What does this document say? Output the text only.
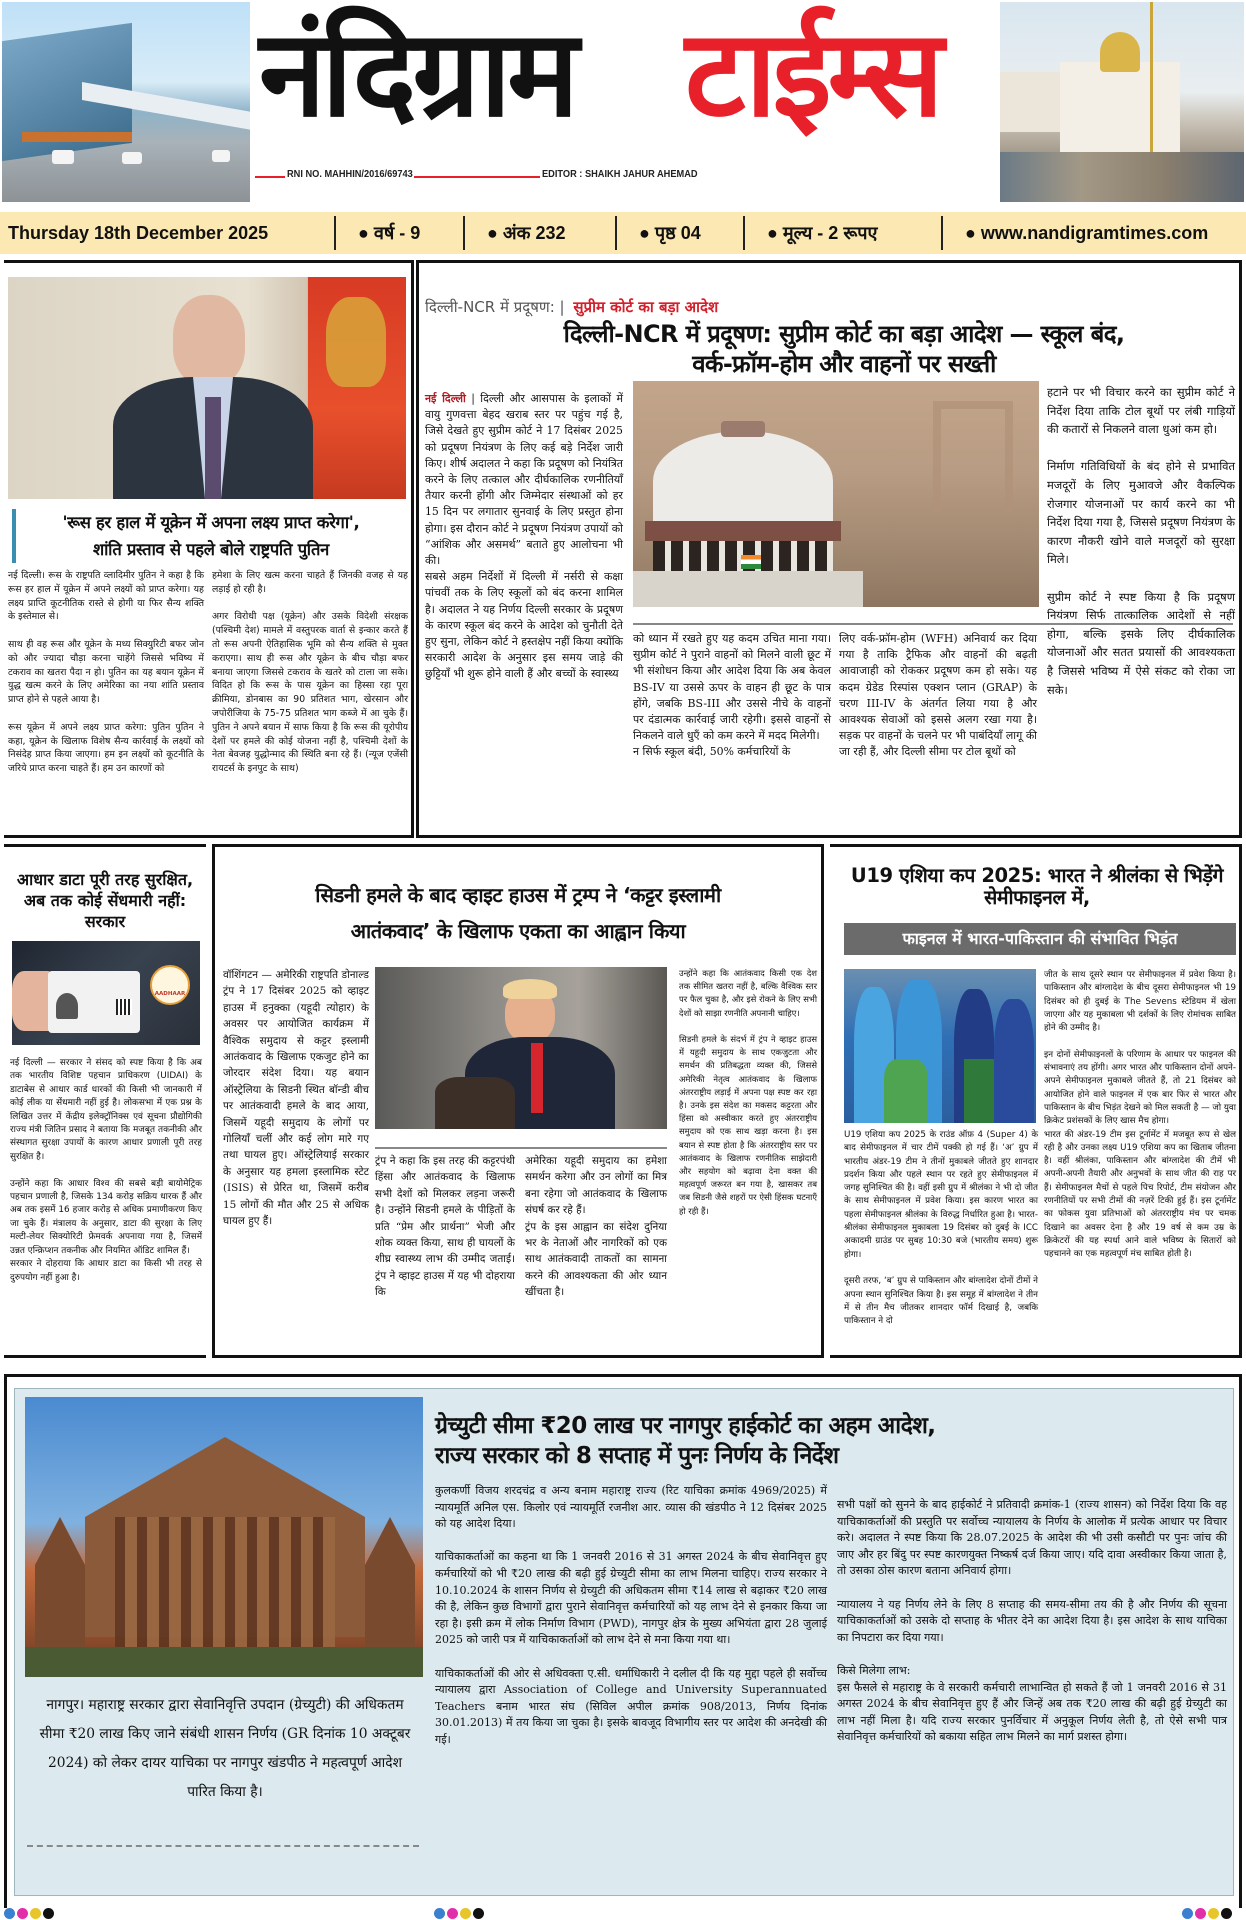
नंदिग्राम टाईम्स
RNI NO. MAHHIN/2016/69743	EDITOR : SHAIKH JAHUR AHEMAD
Thursday 18th December 2025	● वर्ष - 9	● अंक 232	● पृष्ठ 04	● मूल्य - 2 रूपए	● www.nandigramtimes.com
'रूस हर हाल में यूक्रेन में अपना लक्ष्य प्राप्त करेगा',
शांति प्रस्ताव से पहले बोले राष्ट्रपति पुतिन
नई दिल्ली। रूस के राष्ट्रपति व्लादिमीर पुतिन ने कहा है कि रूस हर हाल में यूक्रेन में अपने लक्ष्यों को प्राप्त करेगा। यह लक्ष्य प्राप्ति कूटनीतिक रास्ते से होगी या फिर सैन्य शक्ति के इस्तेमाल से।

साथ ही वह रूस और यूक्रेन के मध्य सिक्युरिटी बफर जोन को और ज्यादा चौड़ा करना चाहेंगे जिससे भविष्य में टकराव का खतरा पैदा न हो। पुतिन का यह बयान यूक्रेन में युद्ध खत्म करने के लिए अमेरिका का नया शांति प्रस्ताव प्राप्त होने से पहले आया है।

रूस यूक्रेन में अपने लक्ष्य प्राप्त करेगा: पुतिन पुतिन ने कहा, यूक्रेन के खिलाफ विशेष सैन्य कार्रवाई के लक्ष्यों को निसंदेह प्राप्त किया जाएगा। हम इन लक्ष्यों को कूटनीति के जरिये प्राप्त करना चाहते हैं। हम उन कारणों को
हमेशा के लिए खत्म करना चाहते हैं जिनकी वजह से यह लड़ाई हो रही है।

अगर विरोधी पक्ष (यूक्रेन) और उसके विदेशी संरक्षक (पश्चिमी देश) मामले में वस्तुपरक वार्ता से इन्कार करते हैं तो रूस अपनी ऐतिहासिक भूमि को सैन्य शक्ति से मुक्त कराएगा। साथ ही रूस और यूक्रेन के बीच चौड़ा बफर बनाया जाएगा जिससे टकराव के खतरे को टाला जा सके। विदित हो कि रूस के पास यूक्रेन का हिस्सा रहा पूरा क्रीमिया, डोनबास का 90 प्रतिशत भाग, खेरसान और जपोरीजिया के 75-75 प्रतिशत भाग कब्जे में आ चुके हैं। पुतिन ने अपने बयान में साफ किया है कि रूस की यूरोपीय देशों पर हमले की कोई योजना नहीं है, पश्चिमी देशों के नेता बेवजह युद्धोन्माद की स्थिति बना रहे हैं। (न्यूज एजेंसी रायटर्स के इनपुट के साथ)
दिल्ली-NCR में प्रदूषण: | सुप्रीम कोर्ट का बड़ा आदेश
दिल्ली-NCR में प्रदूषण: सुप्रीम कोर्ट का बड़ा आदेश — स्कूल बंद,
वर्क-फ्रॉम-होम और वाहनों पर सख्ती
नई दिल्ली | दिल्ली और आसपास के इलाकों में वायु गुणवत्ता बेहद खराब स्तर पर पहुंच गई है, जिसे देखते हुए सुप्रीम कोर्ट ने 17 दिसंबर 2025 को प्रदूषण नियंत्रण के लिए कई बड़े निर्देश जारी किए। शीर्ष अदालत ने कहा कि प्रदूषण को नियंत्रित करने के लिए तत्काल और दीर्घकालिक रणनीतियाँ तैयार करनी होंगी और जिम्मेदार संस्थाओं को हर 15 दिन पर लगातार सुनवाई के लिए प्रस्तुत होना होगा। इस दौरान कोर्ट ने प्रदूषण नियंत्रण उपायों को “आंशिक और असमर्थ” बताते हुए आलोचना भी की।
सबसे अहम निर्देशों में दिल्ली में नर्सरी से कक्षा पांचवीं तक के लिए स्कूलों को बंद करना शामिल है। अदालत ने यह निर्णय दिल्ली सरकार के प्रदूषण के कारण स्कूल बंद करने के आदेश को चुनौती देते हुए सुना, लेकिन कोर्ट ने हस्तक्षेप नहीं किया क्योंकि सरकारी आदेश के अनुसार इस समय जाड़े की छुट्टियाँ भी शुरू होने वाली हैं और बच्चों के स्वास्थ्य
को ध्यान में रखते हुए यह कदम उचित माना गया। सुप्रीम कोर्ट ने पुराने वाहनों को मिलने वाली छूट में भी संशोधन किया और आदेश दिया कि अब केवल BS-IV या उससे ऊपर के वाहन ही छूट के पात्र होंगे, जबकि BS-III और उससे नीचे के वाहनों पर दंडात्मक कार्रवाई जारी रहेगी। इससे वाहनों से निकलने वाले धुएँ को कम करने में मदद मिलेगी।
न सिर्फ स्कूल बंदी, 50% कर्मचारियों के
लिए वर्क-फ्रॉम-होम (WFH) अनिवार्य कर दिया गया है ताकि ट्रैफिक और वाहनों की बढ़ती आवाजाही को रोककर प्रदूषण कम हो सके। यह कदम ग्रेडेड रिस्पांस एक्शन प्लान (GRAP) के चरण III-IV के अंतर्गत लिया गया है और आवश्यक सेवाओं को इससे अलग रखा गया है। सड़क पर वाहनों के चलने पर भी पाबंदियाँ लागू की जा रही हैं, और दिल्ली सीमा पर टोल बूथों को
हटाने पर भी विचार करने का सुप्रीम कोर्ट ने निर्देश दिया ताकि टोल बूथों पर लंबी गाड़ियों की कतारों से निकलने वाला धुआं कम हो।

निर्माण गतिविधियों के बंद होने से प्रभावित मजदूरों के लिए मुआवजे और वैकल्पिक रोजगार योजनाओं पर कार्य करने का भी निर्देश दिया गया है, जिससे प्रदूषण नियंत्रण के कारण नौकरी खोने वाले मजदूरों को सुरक्षा मिले।

सुप्रीम कोर्ट ने स्पष्ट किया है कि प्रदूषण नियंत्रण सिर्फ तात्कालिक आदेशों से नहीं होगा, बल्कि इसके लिए दीर्घकालिक योजनाओं और सतत प्रयासों की आवश्यकता है जिससे भविष्य में ऐसे संकट को रोका जा सके।
आधार डाटा पूरी तरह सुरक्षित, अब तक कोई सेंधमारी नहीं: सरकार
AADHAAR
नई दिल्ली — सरकार ने संसद को स्पष्ट किया है कि अब तक भारतीय विशिष्ट पहचान प्राधिकरण (UIDAI) के डाटाबेस से आधार कार्ड धारकों की किसी भी जानकारी में कोई लीक या सेंधमारी नहीं हुई है। लोकसभा में एक प्रश्न के लिखित उत्तर में केंद्रीय इलेक्ट्रॉनिक्स एवं सूचना प्रौद्योगिकी राज्य मंत्री जितिन प्रसाद ने बताया कि मजबूत तकनीकी और संस्थागत सुरक्षा उपायों के कारण आधार प्रणाली पूरी तरह सुरक्षित है।

उन्होंने कहा कि आधार विश्व की सबसे बड़ी बायोमेट्रिक पहचान प्रणाली है, जिसके 134 करोड़ सक्रिय धारक हैं और अब तक इसमें 16 हजार करोड़ से अधिक प्रमाणीकरण किए जा चुके हैं। मंत्रालय के अनुसार, डाटा की सुरक्षा के लिए मल्टी-लेयर सिक्योरिटी फ्रेमवर्क अपनाया गया है, जिसमें उन्नत एन्क्रिप्शन तकनीक और नियमित ऑडिट शामिल हैं।
सरकार ने दोहराया कि आधार डाटा का किसी भी तरह से दुरुपयोग नहीं हुआ है।
सिडनी हमले के बाद व्हाइट हाउस में ट्रम्प ने ‘कट्टर इस्लामी
आतंकवाद’ के खिलाफ एकता का आह्वान किया
वॉशिंगटन — अमेरिकी राष्ट्रपति डोनाल्ड ट्रंप ने 17 दिसंबर 2025 को व्हाइट हाउस में हनुक्का (यहूदी त्योहार) के अवसर पर आयोजित कार्यक्रम में वैश्विक समुदाय से कट्टर इस्लामी आतंकवाद के खिलाफ एकजुट होने का जोरदार संदेश दिया। यह बयान ऑस्ट्रेलिया के सिडनी स्थित बॉन्डी बीच पर आतंकवादी हमले के बाद आया, जिसमें यहूदी समुदाय के लोगों पर गोलियाँ चलीं और कई लोग मारे गए तथा घायल हुए। ऑस्ट्रेलियाई सरकार के अनुसार यह हमला इस्लामिक स्टेट (ISIS) से प्रेरित था, जिसमें करीब 15 लोगों की मौत और 25 से अधिक घायल हुए हैं।
ट्रंप ने कहा कि इस तरह की कट्टरपंथी हिंसा और आतंकवाद के खिलाफ सभी देशों को मिलकर लड़ना जरूरी है। उन्होंने सिडनी हमले के पीड़ितों के प्रति “प्रेम और प्रार्थना” भेजी और शोक व्यक्त किया, साथ ही घायलों के शीघ्र स्वास्थ्य लाभ की उम्मीद जताई। ट्रंप ने व्हाइट हाउस में यह भी दोहराया कि
अमेरिका यहूदी समुदाय का हमेशा समर्थन करेगा और उन लोगों का मित्र बना रहेगा जो आतंकवाद के खिलाफ संघर्ष कर रहे हैं।
ट्रंप के इस आह्वान का संदेश दुनिया भर के नेताओं और नागरिकों को एक साथ आतंकवादी ताकतों का सामना करने की आवश्यकता की ओर ध्यान खींचता है।
उन्होंने कहा कि आतंकवाद किसी एक देश तक सीमित खतरा नहीं है, बल्कि वैश्विक स्तर पर फैल चुका है, और इसे रोकने के लिए सभी देशों को साझा रणनीति अपनानी चाहिए।

सिडनी हमले के संदर्भ में ट्रंप ने व्हाइट हाउस में यहूदी समुदाय के साथ एकजुटता और समर्थन की प्रतिबद्धता व्यक्त की, जिससे अमेरिकी नेतृत्व आतंकवाद के खिलाफ अंतरराष्ट्रीय लड़ाई में अपना पक्ष स्पष्ट कर रहा है। उनके इस संदेश का मकसद कट्टरता और हिंसा को अस्वीकार करते हुए अंतरराष्ट्रीय समुदाय को एक साथ खड़ा करना है। इस बयान से स्पष्ट होता है कि अंतरराष्ट्रीय स्तर पर आतंकवाद के खिलाफ रणनीतिक साझेदारी और सहयोग को बढ़ावा देना वक्त की महत्वपूर्ण जरूरत बन गया है, खासकर तब जब सिडनी जैसे शहरों पर ऐसी हिंसक घटनाएँ हो रही हैं।
U19 एशिया कप 2025: भारत ने श्रीलंका से भिड़ेंगे सेमीफाइनल में,
फाइनल में भारत-पाकिस्तान की संभावित भिड़ंत
U19 एशिया कप 2025 के राउंड ऑफ़ 4 (Super 4) के बाद सेमीफाइनल में चार टीमें पक्की हो गई हैं। ‘अ’ ग्रुप में भारतीय अंडर-19 टीम ने तीनों मुकाबले जीतते हुए शानदार प्रदर्शन किया और पहले स्थान पर रहते हुए सेमीफाइनल में जगह सुनिश्चित की है। वहीं इसी ग्रुप में श्रीलंका ने भी दो जीत के साथ सेमीफाइनल में प्रवेश किया। इस कारण भारत का पहला सेमीफाइनल श्रीलंका के विरुद्ध निर्धारित हुआ है। भारत-श्रीलंका सेमीफाइनल मुकाबला 19 दिसंबर को दुबई के ICC अकादमी ग्राउंड पर सुबह 10:30 बजे (भारतीय समय) शुरू होगा।

दूसरी तरफ, ‘ब’ ग्रुप से पाकिस्तान और बांग्लादेश दोनों टीमों ने अपना स्थान सुनिश्चित किया है। इस समूह में बांग्लादेश ने तीन में से तीन मैच जीतकर शानदार फॉर्म दिखाई है, जबकि पाकिस्तान ने दो
जीत के साथ दूसरे स्थान पर सेमीफाइनल में प्रवेश किया है। पाकिस्तान और बांग्लादेश के बीच दूसरा सेमीफाइनल भी 19 दिसंबर को ही दुबई के The Sevens स्टेडियम में खेला जाएगा और यह मुकाबला भी दर्शकों के लिए रोमांचक साबित होने की उम्मीद है।

इन दोनों सेमीफाइनलों के परिणाम के आधार पर फाइनल की संभावनाएं तय होंगी। अगर भारत और पाकिस्तान दोनों अपने-अपने सेमीफाइनल मुकाबले जीतते हैं, तो 21 दिसंबर को आयोजित होने वाले फाइनल में एक बार फिर से भारत और पाकिस्तान के बीच भिड़ंत देखने को मिल सकती है — जो युवा क्रिकेट प्रशंसकों के लिए खास मैच होगा।
भारत की अंडर-19 टीम इस टूर्नामेंट में मजबूत रूप से खेल रही है और उनका लक्ष्य U19 एशिया कप का खिताब जीतना है। वहीं श्रीलंका, पाकिस्तान और बांग्लादेश की टीमें भी अपनी-अपनी तैयारी और अनुभवों के साथ जीत की राह पर हैं। सेमीफाइनल मैचों से पहले पिच रिपोर्ट, टीम संयोजन और रणनीतियों पर सभी टीमों की नज़रें टिकी हुई हैं। इस टूर्नामेंट का फोकस युवा प्रतिभाओं को अंतरराष्ट्रीय मंच पर चमक दिखाने का अवसर देना है और 19 वर्ष से कम उम्र के क्रिकेटरों की यह स्पर्धा आने वाले भविष्य के सितारों को पहचानने का एक महत्वपूर्ण मंच साबित होती है।
नागपुर। महाराष्ट्र सरकार द्वारा सेवानिवृत्ति उपदान (ग्रेच्युटी) की अधिकतम सीमा ₹20 लाख किए जाने संबंधी शासन निर्णय (GR दिनांक 10 अक्टूबर 2024) को लेकर दायर याचिका पर नागपुर खंडपीठ ने महत्वपूर्ण आदेश पारित किया है।
ग्रेच्युटी सीमा ₹20 लाख पर नागपुर हाईकोर्ट का अहम आदेश,
राज्य सरकार को 8 सप्ताह में पुनः निर्णय के निर्देश
कुलकर्णी विजय शरदचंद्र व अन्य बनाम महाराष्ट्र राज्य (रिट याचिका क्रमांक 4969/2025) में न्यायमूर्ति अनिल एस. किलोर एवं न्यायमूर्ति रजनीश आर. व्यास की खंडपीठ ने 12 दिसंबर 2025 को यह आदेश दिया।

याचिकाकर्ताओं का कहना था कि 1 जनवरी 2016 से 31 अगस्त 2024 के बीच सेवानिवृत्त हुए कर्मचारियों को भी ₹20 लाख की बढ़ी हुई ग्रेच्युटी सीमा का लाभ मिलना चाहिए। राज्य सरकार ने 10.10.2024 के शासन निर्णय से ग्रेच्युटी की अधिकतम सीमा ₹14 लाख से बढ़ाकर ₹20 लाख की है, लेकिन कुछ विभागों द्वारा पुराने सेवानिवृत्त कर्मचारियों को यह लाभ देने से इनकार किया जा रहा है। इसी क्रम में लोक निर्माण विभाग (PWD), नागपुर क्षेत्र के मुख्य अभियंता द्वारा 28 जुलाई 2025 को जारी पत्र में याचिकाकर्ताओं को लाभ देने से मना किया गया था।

याचिकाकर्ताओं की ओर से अधिवक्ता ए.सी. धर्माधिकारी ने दलील दी कि यह मुद्दा पहले ही सर्वोच्च न्यायालय द्वारा Association of College and University Superannuated Teachers बनाम भारत संघ (सिविल अपील क्रमांक 908/2013, निर्णय दिनांक 30.01.2013) में तय किया जा चुका है। इसके बावजूद विभागीय स्तर पर आदेश की अनदेखी की गई।
सभी पक्षों को सुनने के बाद हाईकोर्ट ने प्रतिवादी क्रमांक-1 (राज्य शासन) को निर्देश दिया कि वह याचिकाकर्ताओं की प्रस्तुति पर सर्वोच्च न्यायालय के निर्णय के आलोक में प्रत्येक आधार पर विचार करे। अदालत ने स्पष्ट किया कि 28.07.2025 के आदेश की भी उसी कसौटी पर पुनः जांच की जाए और हर बिंदु पर स्पष्ट कारणयुक्त निष्कर्ष दर्ज किया जाए। यदि दावा अस्वीकार किया जाता है, तो उसका ठोस कारण बताना अनिवार्य होगा।

न्यायालय ने यह निर्णय लेने के लिए 8 सप्ताह की समय-सीमा तय की है और निर्णय की सूचना याचिकाकर्ताओं को उसके दो सप्ताह के भीतर देने का आदेश दिया है। इस आदेश के साथ याचिका का निपटारा कर दिया गया।

किसे मिलेगा लाभ:
इस फैसले से महाराष्ट्र के वे सरकारी कर्मचारी लाभान्वित हो सकते हैं जो 1 जनवरी 2016 से 31 अगस्त 2024 के बीच सेवानिवृत्त हुए हैं और जिन्हें अब तक ₹20 लाख की बढ़ी हुई ग्रेच्युटी का लाभ नहीं मिला है। यदि राज्य सरकार पुनर्विचार में अनुकूल निर्णय लेती है, तो ऐसे सभी पात्र सेवानिवृत्त कर्मचारियों को बकाया सहित लाभ मिलने का मार्ग प्रशस्त होगा।
